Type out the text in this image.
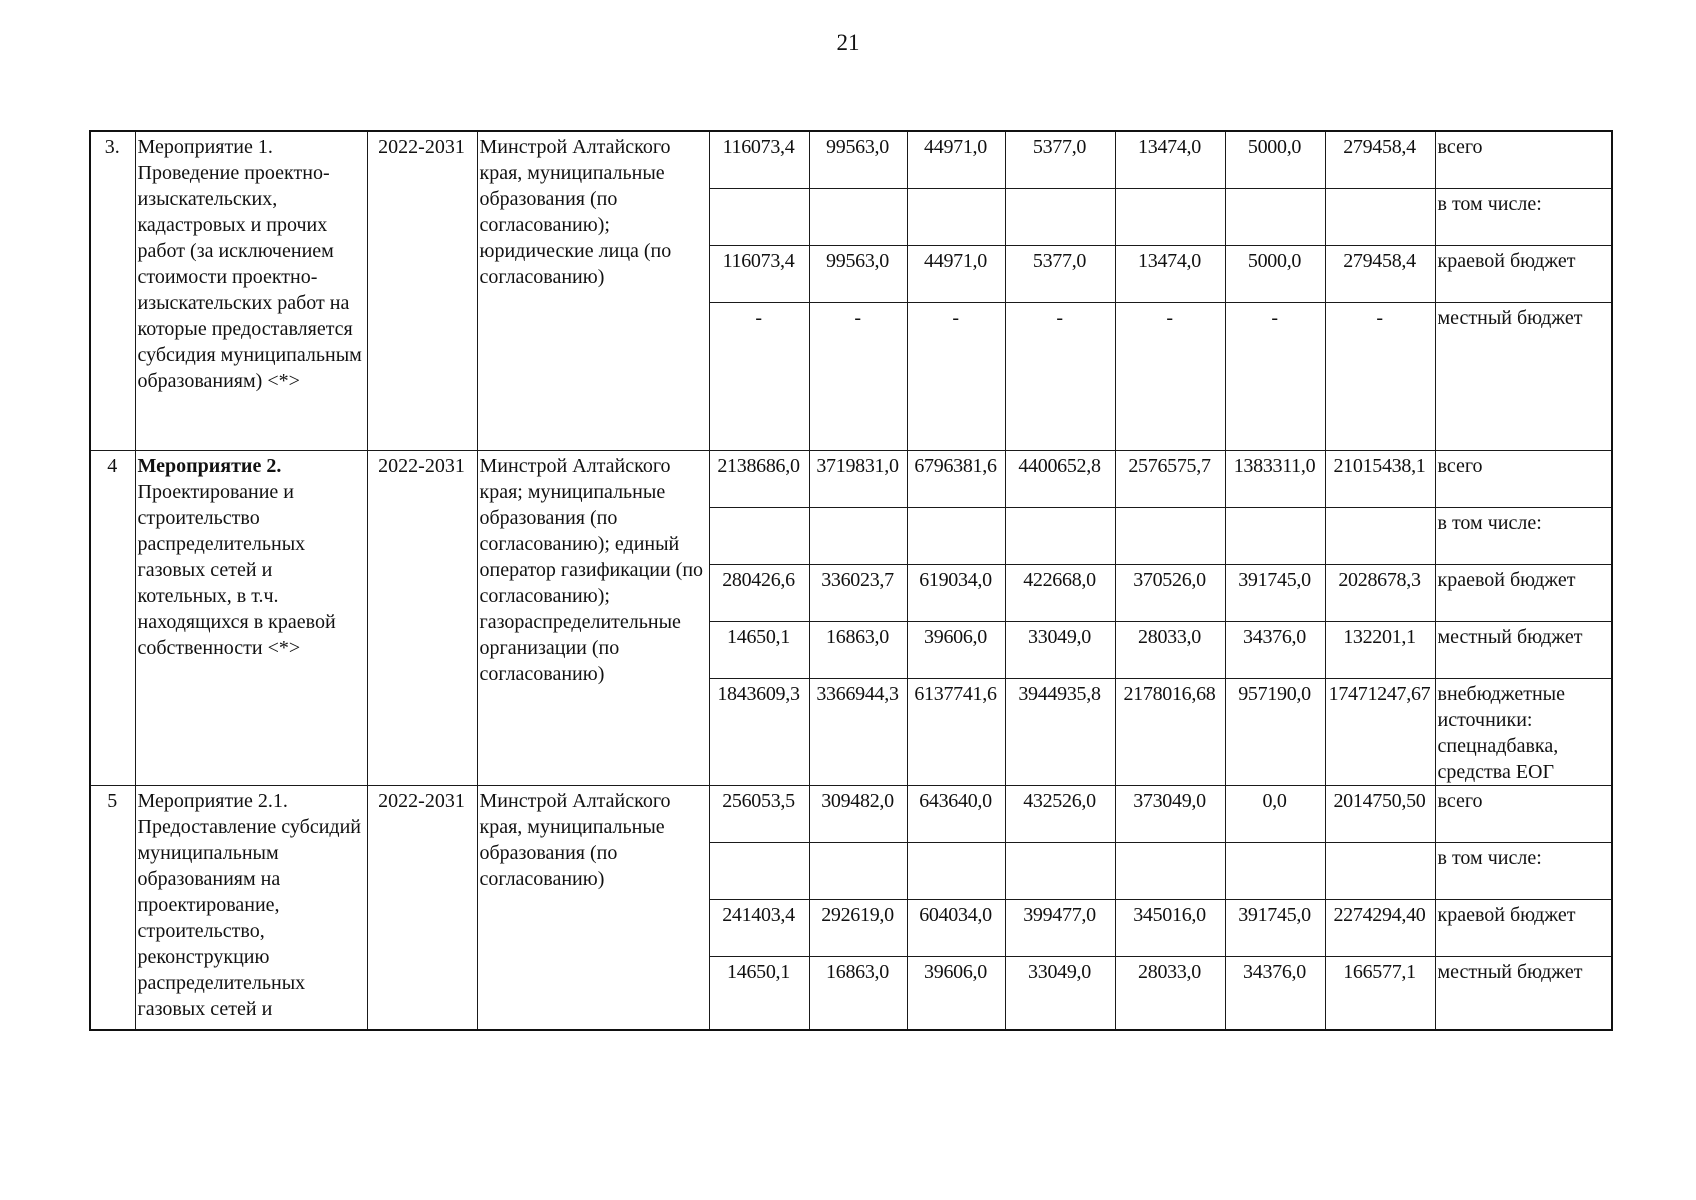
21
3.	Мероприятие 1. Проведение проектно-изыскательских, кадастровых и прочих работ (за исключением стоимости проектно-изыскательских работ на которые предоставляется субсидия муниципальным образованиям) <*>	2022-2031	Минстрой Алтайского края, муниципальные образования (по согласованию); юридические лица (по согласованию)	116073,4	99563,0	44971,0	5377,0	13474,0	5000,0	279458,4	всего
											в том числе:
				116073,4	99563,0	44971,0	5377,0	13474,0	5000,0	279458,4	краевой бюджет
				-	-	-	-	-	-	-	местный бюджет
4	Мероприятие 2. Проектирование и строительство распределительных газовых сетей и котельных, в т.ч. находящихся в краевой собственности <*>	2022-2031	Минстрой Алтайского края; муниципальные образования (по согласованию); единый оператор газификации (по согласованию); газораспределительные организации (по согласованию)	2138686,0	3719831,0	6796381,6	4400652,8	2576575,7	1383311,0	21015438,1	всего
											в том числе:
				280426,6	336023,7	619034,0	422668,0	370526,0	391745,0	2028678,3	краевой бюджет
				14650,1	16863,0	39606,0	33049,0	28033,0	34376,0	132201,1	местный бюджет
				1843609,3	3366944,3	6137741,6	3944935,8	2178016,68	957190,0	17471247,67	внебюджетные источники: спецнадбавка, средства ЕОГ
5	Мероприятие 2.1. Предоставление субсидий муниципальным образованиям на проектирование, строительство, реконструкцию распределительных газовых сетей и	2022-2031	Минстрой Алтайского края, муниципальные образования (по согласованию)	256053,5	309482,0	643640,0	432526,0	373049,0	0,0	2014750,50	всего
											в том числе:
				241403,4	292619,0	604034,0	399477,0	345016,0	391745,0	2274294,40	краевой бюджет
				14650,1	16863,0	39606,0	33049,0	28033,0	34376,0	166577,1	местный бюджет
